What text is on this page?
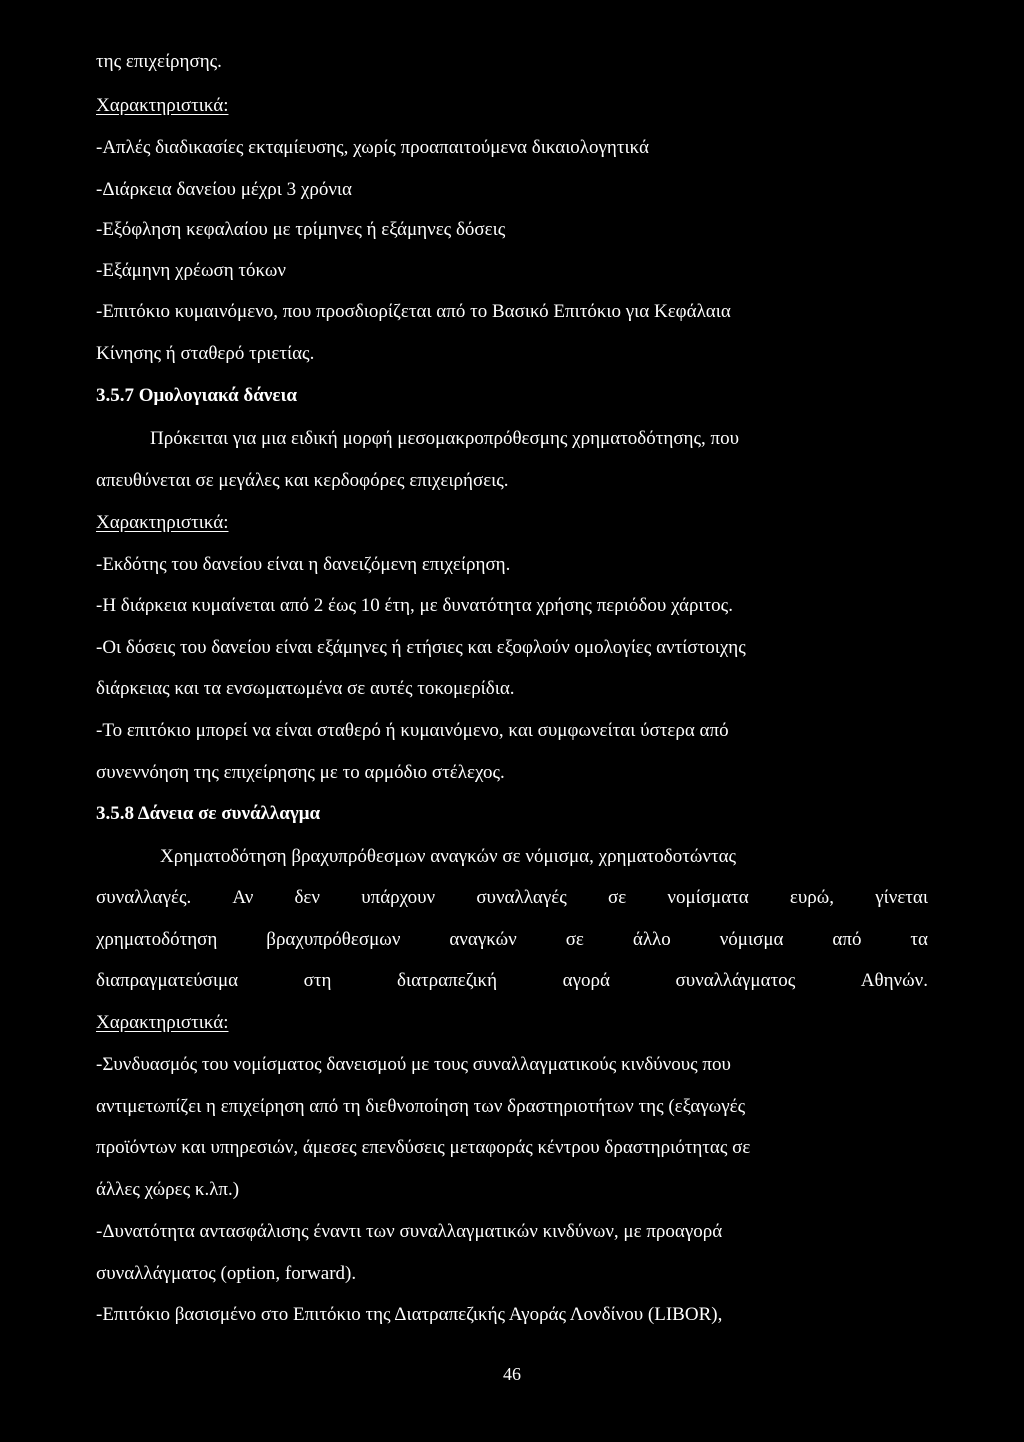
της επιχείρησης.
Χαρακτηριστικά:
-Απλές διαδικασίες εκταμίευσης, χωρίς προαπαιτούμενα δικαιολογητικά
-Διάρκεια δανείου μέχρι 3 χρόνια
-Εξόφληση κεφαλαίου με τρίμηνες ή εξάμηνες δόσεις
-Εξάμηνη χρέωση τόκων
-Επιτόκιο κυμαινόμενο, που προσδιορίζεται από το Βασικό Επιτόκιο για Κεφάλαια
Κίνησης ή σταθερό τριετίας.
3.5.7 Ομολογιακά δάνεια
Πρόκειται για μια ειδική μορφή μεσομακροπρόθεσμης χρηματοδότησης, που
απευθύνεται σε μεγάλες και κερδοφόρες επιχειρήσεις.
Χαρακτηριστικά:
-Εκδότης του δανείου είναι η δανειζόμενη επιχείρηση.
-Η διάρκεια κυμαίνεται από 2 έως 10 έτη, με δυνατότητα χρήσης περιόδου χάριτος.
-Οι δόσεις του δανείου είναι εξάμηνες ή ετήσιες και εξοφλούν ομολογίες αντίστοιχης
διάρκειας και τα ενσωματωμένα σε αυτές τοκομερίδια.
-Το επιτόκιο μπορεί να είναι σταθερό ή κυμαινόμενο, και συμφωνείται ύστερα από
συνεννόηση της επιχείρησης με το αρμόδιο στέλεχος.
3.5.8 Δάνεια σε συνάλλαγμα
Χρηματοδότηση βραχυπρόθεσμων αναγκών σε νόμισμα, χρηματοδοτώντας
συναλλαγές. Αν δεν υπάρχουν συναλλαγές σε νομίσματα ευρώ, γίνεται
χρηματοδότηση	βραχυπρόθεσμων	αναγκών	σε	άλλο	νόμισμα	από	τα
διαπραγματεύσιμα	στη	διατραπεζική	αγορά	συναλλάγματος	Αθηνών.
Χαρακτηριστικά:
-Συνδυασμός του νομίσματος δανεισμού με τους συναλλαγματικούς κινδύνους που
αντιμετωπίζει η επιχείρηση από τη διεθνοποίηση των δραστηριοτήτων της (εξαγωγές
προϊόντων και υπηρεσιών, άμεσες επενδύσεις μεταφοράς κέντρου δραστηριότητας σε
άλλες χώρες κ.λπ.)
-Δυνατότητα αντασφάλισης έναντι των συναλλαγματικών κινδύνων, με προαγορά
συναλλάγματος (option, forward).
-Επιτόκιο βασισμένο στο Επιτόκιο της Διατραπεζικής Αγοράς Λονδίνου (LIBOR),
46
